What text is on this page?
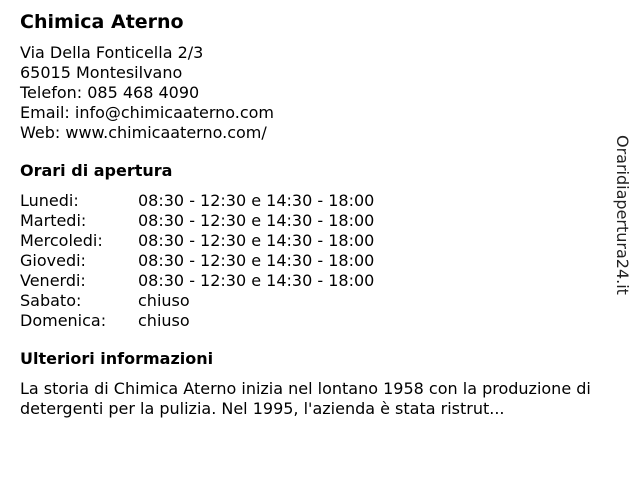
Chimica Aterno
Via Della Fonticella 2/3
65015 Montesilvano
Telefon: 085 468 4090
Email: info@chimicaaterno.com
Web: www.chimicaaterno.com/
Orari di apertura
Lunedi:	08:30 - 12:30 e 14:30 - 18:00
Martedi:	08:30 - 12:30 e 14:30 - 18:00
Mercoledi:	08:30 - 12:30 e 14:30 - 18:00
Giovedi:	08:30 - 12:30 e 14:30 - 18:00
Venerdi:	08:30 - 12:30 e 14:30 - 18:00
Sabato:	chiuso
Domenica:	chiuso
Ulteriori informazioni

La storia di Chimica Aterno inizia nel lontano 1958 con la produzione di detergenti per la pulizia. Nel 1995, l'azienda è stata ristrut...

Oraridiapertura24.it
